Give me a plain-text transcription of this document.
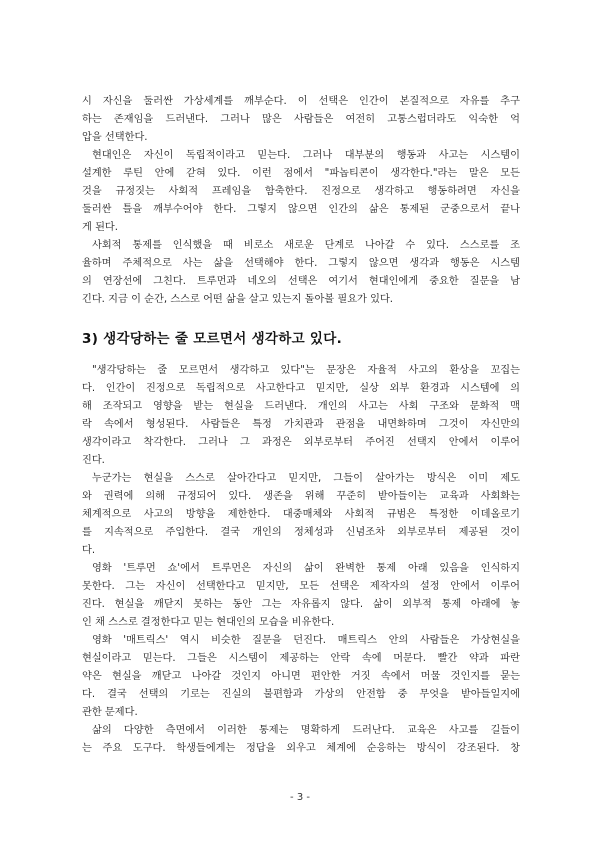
시 자신을 둘러싼 가상세계를 깨부순다. 이 선택은 인간이 본질적으로 자유를 추구
하는 존재임을 드러낸다. 그러나 많은 사람들은 여전히 고통스럽더라도 익숙한 억
압을 선택한다.
현대인은 자신이 독립적이라고 믿는다. 그러나 대부분의 행동과 사고는 시스템이
설계한 루틴 안에 갇혀 있다. 이런 점에서 "파놉티콘이 생각한다."라는 말은 모든
것을 규정짓는 사회적 프레임을 함축한다. 진정으로 생각하고 행동하려면 자신을
둘러싼 틀을 깨부수어야 한다. 그렇지 않으면 인간의 삶은 통제된 군중으로서 끝나
게 된다.
사회적 통제를 인식했을 때 비로소 새로운 단계로 나아갈 수 있다. 스스로를 조
율하며 주체적으로 사는 삶을 선택해야 한다. 그렇지 않으면 생각과 행동은 시스템
의 연장선에 그친다. 트루먼과 네오의 선택은 여기서 현대인에게 중요한 질문을 남
긴다. 지금 이 순간, 스스로 어떤 삶을 살고 있는지 돌아볼 필요가 있다.
3) 생각당하는 줄 모르면서 생각하고 있다.
"생각당하는 줄 모르면서 생각하고 있다"는 문장은 자율적 사고의 환상을 꼬집는
다. 인간이 진정으로 독립적으로 사고한다고 믿지만, 실상 외부 환경과 시스템에 의
해 조작되고 영향을 받는 현실을 드러낸다. 개인의 사고는 사회 구조와 문화적 맥
락 속에서 형성된다. 사람들은 특정 가치관과 관점을 내면화하며 그것이 자신만의
생각이라고 착각한다. 그러나 그 과정은 외부로부터 주어진 선택지 안에서 이루어
진다.
누군가는 현실을 스스로 살아간다고 믿지만, 그들이 살아가는 방식은 이미 제도
와 권력에 의해 규정되어 있다. 생존을 위해 꾸준히 받아들이는 교육과 사회화는
체계적으로 사고의 방향을 제한한다. 대중매체와 사회적 규범은 특정한 이데올로기
를 지속적으로 주입한다. 결국 개인의 정체성과 신념조차 외부로부터 제공된 것이
다.
영화 '트루먼 쇼'에서 트루먼은 자신의 삶이 완벽한 통제 아래 있음을 인식하지
못한다. 그는 자신이 선택한다고 믿지만, 모든 선택은 제작자의 설정 안에서 이루어
진다. 현실을 깨닫지 못하는 동안 그는 자유롭지 않다. 삶이 외부적 통제 아래에 놓
인 채 스스로 결정한다고 믿는 현대인의 모습을 비유한다.
영화 '매트릭스' 역시 비슷한 질문을 던진다. 매트릭스 안의 사람들은 가상현실을
현실이라고 믿는다. 그들은 시스템이 제공하는 안락 속에 머문다. 빨간 약과 파란
약은 현실을 깨닫고 나아갈 것인지 아니면 편안한 거짓 속에서 머물 것인지를 묻는
다. 결국 선택의 기로는 진실의 불편함과 가상의 안전함 중 무엇을 받아들일지에
관한 문제다.
삶의 다양한 측면에서 이러한 통제는 명확하게 드러난다. 교육은 사고를 길들이
는 주요 도구다. 학생들에게는 정답을 외우고 체계에 순응하는 방식이 강조된다. 창
- 3 -
